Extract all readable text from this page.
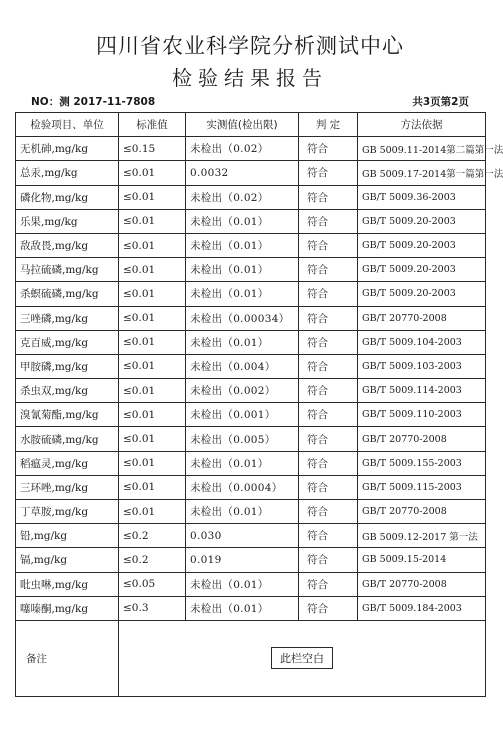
四川省农业科学院分析测试中心
检验结果报告
NO：测 2017-11-7808	共3页第2页
检验项目、单位	标准值	实测值(检出限)	判 定	方法依据
无机砷,mg/kg	≤0.15	未检出（0.02）	符合	GB 5009.11-2014第二篇第一法
总汞,mg/kg	≤0.01	0.0032	符合	GB 5009.17-2014第一篇第一法
磷化物,mg/kg	≤0.01	未检出（0.02）	符合	GB/T 5009.36-2003
乐果,mg/kg	≤0.01	未检出（0.01）	符合	GB/T 5009.20-2003
敌敌畏,mg/kg	≤0.01	未检出（0.01）	符合	GB/T 5009.20-2003
马拉硫磷,mg/kg	≤0.01	未检出（0.01）	符合	GB/T 5009.20-2003
杀螟硫磷,mg/kg	≤0.01	未检出（0.01）	符合	GB/T 5009.20-2003
三唑磷,mg/kg	≤0.01	未检出（0.00034）	符合	GB/T 20770-2008
克百威,mg/kg	≤0.01	未检出（0.01）	符合	GB/T 5009.104-2003
甲胺磷,mg/kg	≤0.01	未检出（0.004）	符合	GB/T 5009.103-2003
杀虫双,mg/kg	≤0.01	未检出（0.002）	符合	GB/T 5009.114-2003
溴氰菊酯,mg/kg	≤0.01	未检出（0.001）	符合	GB/T 5009.110-2003
水胺硫磷,mg/kg	≤0.01	未检出（0.005）	符合	GB/T 20770-2008
稻瘟灵,mg/kg	≤0.01	未检出（0.01）	符合	GB/T 5009.155-2003
三环唑,mg/kg	≤0.01	未检出（0.0004）	符合	GB/T 5009.115-2003
丁草胺,mg/kg	≤0.01	未检出（0.01）	符合	GB/T 20770-2008
铅,mg/kg	≤0.2	0.030	符合	GB 5009.12-2017 第一法
镉,mg/kg	≤0.2	0.019	符合	GB 5009.15-2014
吡虫啉,mg/kg	≤0.05	未检出（0.01）	符合	GB/T 20770-2008
噻嗪酮,mg/kg	≤0.3	未检出（0.01）	符合	GB/T 5009.184-2003
备注	此栏空白			
